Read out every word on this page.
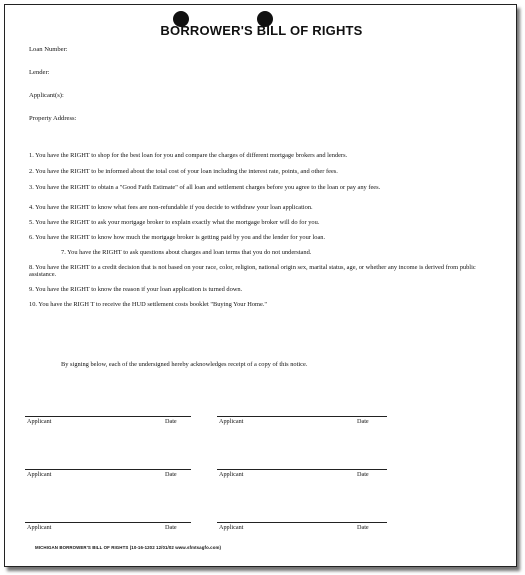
BORROWER'S BILL OF RIGHTS
Loan Number:
Lender:
Applicant(s):
Property Address:
1. You have the RIGHT to shop for the best loan for you and compare the charges of different mortgage brokers and lenders.
2. You have the RIGHT to be informed about the total cost of your loan including the interest rate, points, and other fees.
3. You have the RIGHT to obtain a "Good Faith Estimate" of all loan and settlement charges before you agree to the loan or pay any fees.
4. You have the RIGHT to know what fees are non-refundable if you decide to withdraw your loan application.
5. You have the RIGHT to ask your mortgage broker to explain exactly what the mortgage broker will do for you.
6. You have the RIGHT to know how much the mortgage broker is getting paid by you and the lender for your loan.
7. You have the RIGHT to ask questions about charges and loan terms that you do not understand.
8. You have the RIGHT to a credit decision that is not based on your race, color, religion, national origin sex, marital status, age, or whether any income is derived from public assistance.
9. You have the RIGHT to know the reason if your loan application is turned down.
10. You have the RIGH T to receive the HUD settlement costs booklet "Buying Your Home."
By signing below, each of the undersigned hereby acknowledges receipt of a copy of this notice.
Applicant	Date	Applicant	Date
Applicant	Date	Applicant	Date
Applicant	Date	Applicant	Date
MICHIGAN BORROWER'S BILL OF RIGHTS (10-16-1202 12/01/02 www.sfmtsagfo.com)
